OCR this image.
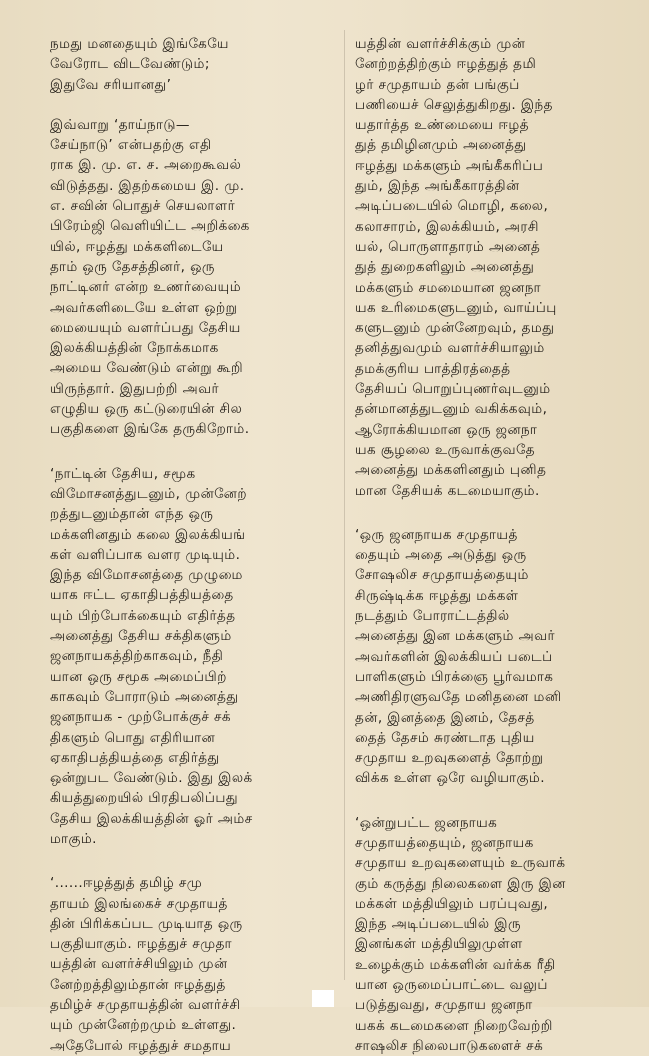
நமது மனதையும் இங்கேயே
வேரோட விடவேண்டும்;
இதுவே சரியானது’

இவ்வாறு ‘தாய்நாடு—
சேய்நாடு’ என்பதற்கு எதி
ராக இ. மு. எ. ச. அறைகூவல்
விடுத்தது. இதற்கமைய இ. மு.
எ. சவின் பொதுச் செயலாளர்
பிரேம்ஜி வெளியிட்ட அறிக்கை
யில், ஈழத்து மக்களிடையே
தாம் ஒரு தேசத்தினர், ஒரு
நாட்டினர் என்ற உணர்வையும்
அவர்களிடையே உள்ள ஒற்று
மையையும் வளர்ப்பது தேசிய
இலக்கியத்தின் நோக்கமாக
அமைய வேண்டும் என்று கூறி
யிருந்தார். இதுபற்றி அவர்
எழுதிய ஒரு கட்டுரையின் சில
பகுதிகளை இங்கே தருகிறோம்.

‘நாட்டின் தேசிய, சமூக
விமோசனத்துடனும், முன்னேற்
றத்துடனும்தான் எந்த ஒரு
மக்களினதும் கலை இலக்கியங்
கள் வளிப்பாக வளர முடியும்.
இந்த விமோசனத்தை முழுமை
யாக ஈட்ட ஏகாதிபத்தியத்தை
யும் பிற்போக்கையும் எதிர்த்த
அனைத்து தேசிய சக்திகளும்
ஜனநாயகத்திற்காகவும், நீதி
யான ஒரு சமூக அமைப்பிற்
காகவும் போராடும் அனைத்து
ஜனநாயக - முற்போக்குச் சக்
திகளும் பொது எதிரியான
ஏகாதிபத்தியத்தை எதிர்த்து
ஒன்றுபட வேண்டும். இது இலக்
கியத்துறையில் பிரதிபலிப்பது
தேசிய இலக்கியத்தின் ஓர் அம்ச
மாகும்.

‘......ஈழத்துத் தமிழ் சமு
தாயம் இலங்கைச் சமுதாயத்
தின் பிரிக்கப்பட முடியாத ஒரு
பகுதியாகும். ஈழத்துச் சமுதா
யத்தின் வளர்ச்சியிலும் முன்
னேற்றத்திலும்தான் ஈழத்துத்
தமிழ்ச் சமுதாயத்தின் வளர்ச்சி
யும் முன்னேற்றமும் உள்ளது.
அதேபோல் ஈழத்துச் சமதாய

யத்தின் வளர்ச்சிக்கும் முன்
னேற்றத்திற்கும் ஈழத்துத் தமி
ழர் சமுதாயம் தன் பங்குப்
பணியைச் செலுத்துகிறது. இந்த
யதார்த்த உண்மையை ஈழத்
துத் தமிழினமும் அனைத்து
ஈழத்து மக்களும் அங்கீகரிப்ப
தும், இந்த அங்கீகாரத்தின்
அடிப்படையில் மொழி, கலை,
கலாசாரம், இலக்கியம், அரசி
யல், பொருளாதாரம் அனைத்
துத் துறைகளிலும் அனைத்து
மக்களும் சமமையான ஜனநா
யக உரிமைகளுடனும், வாய்ப்பு
களுடனும் முன்னேறவும், தமது
தனித்துவமும் வளர்ச்சியாலும்
தமக்குரிய பாத்திரத்தைத்
தேசியப் பொறுப்புணர்வுடனும்
தன்மானத்துடனும் வகிக்கவும்,
ஆரோக்கியமான ஒரு ஜனநா
யக சூழலை உருவாக்குவதே
அனைத்து மக்களினதும் புனித
மான தேசியக் கடமையாகும்.

‘ஒரு ஜனநாயக சமுதாயத்
தையும் அதை அடுத்து ஒரு
சோஷலிச சமுதாயத்தையும்
சிருஷ்டிக்க ஈழத்து மக்கள்
நடத்தும் போராட்டத்தில்
அனைத்து இன மக்களும் அவர்
அவர்களின் இலக்கியப் படைப்
பாளிகளும் பிரக்ஞை பூர்வமாக
அணிதிரளுவதே மனிதனை மனி
தன், இனத்தை இனம், தேசத்
தைத் தேசம் சுரண்டாத புதிய
சமுதாய உறவுகளைத் தோற்று
விக்க உள்ள ஒரே வழியாகும்.

‘ஒன்றுபட்ட ஜனநாயக
சமுதாயத்தையும், ஜனநாயக
சமுதாய உறவுகளையும் உருவாக்
கும் கருத்து நிலைகளை இரு இன
மக்கள் மத்தியிலும் பரப்புவது,
இந்த அடிப்படையில் இரு
இனங்கள் மத்தியிலுமுள்ள
உழைக்கும் மக்களின் வர்க்க ரீதி
யான ஒருமைப்பாட்டை வலுப்
படுத்துவது, சமுதாய ஜனநா
யகக் கடமைகளை நிறைவேற்றி
சாஷலிச நிலைபாடுகளைச் சக்
